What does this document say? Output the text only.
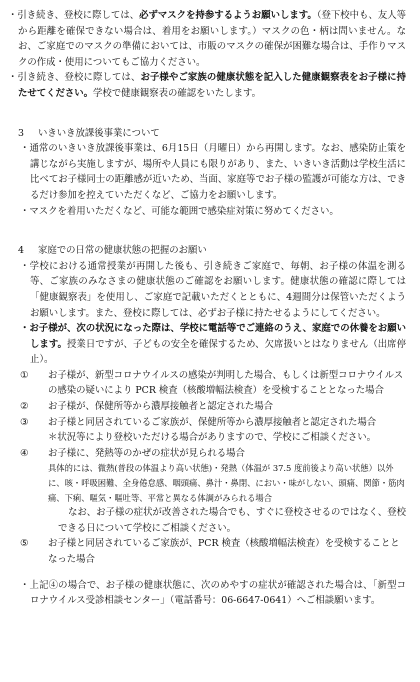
・引き続き、登校に際しては、必ずマスクを持参するようお願いします。（登下校中も、友人等から距離を確保できない場合は、着用をお願いします。）マスクの色・柄は問いません。なお、ご家庭でのマスクの準備においては、市販のマスクの確保が困難な場合は、手作りマスクの作成・使用についてもご協力ください。
・引き続き、登校に際しては、お子様やご家族の健康状態を記入した健康観察表をお子様に持たせてください。学校で健康観察表の確認をいたします。
3 いきいき放課後事業について
・通常のいきいき放課後事業は、6月15日（月曜日）から再開します。なお、感染防止策を講じながら実施しますが、場所や人員にも限りがあり、また、いきいき活動は学校生活に比べてお子様同士の距離感が近いため、当面、家庭等でお子様の監護が可能な方は、できるだけ参加を控えていただくなど、ご協力をお願いします。
・マスクを着用いただくなど、可能な範囲で感染症対策に努めてください。
4 家庭での日常の健康状態の把握のお願い
・学校における通常授業が再開した後も、引き続きご家庭で、毎朝、お子様の体温を測る等、ご家族のみなさまの健康状態のご確認をお願いします。健康状態の確認に際しては「健康観察表」を使用し、ご家庭で記載いただくとともに、4週間分は保管いただくようお願いします。また、登校に際しては、必ずお子様に持たせるようにしてください。
・お子様が、次の状況になった際は、学校に電話等でご連絡のうえ、家庭での休養をお願いします。授業日ですが、子どもの安全を確保するため、欠席扱いとはなりません（出席停止）。
① お子様が、新型コロナウイルスの感染が判明した場合、もしくは新型コロナウイルスの感染の疑いにより PCR 検査（核酸増幅法検査）を受検することとなった場合
② お子様が、保健所等から濃厚接触者と認定された場合
③ お子様と同居されているご家族が、保健所等から濃厚接触者と認定された場合
＊状況等により登校いただける場合がありますので、学校にご相談ください。
④ お子様に、発熱等のかぜの症状が見られる場合
具体的には、微熱(普段の体温より高い状態)・発熱（体温が 37.5 度前後より高い状態）以外に、咳・呼吸困難、全身倦怠感、咽頭痛、鼻汁・鼻閉、におい・味がしない、頭痛、関節・筋肉痛、下痢、嘔気・嘔吐等、平常と異なる体調がみられる場合
なお、お子様の症状が改善された場合でも、すぐに登校させるのではなく、登校できる日について学校にご相談ください。
⑤ お子様と同居されているご家族が、PCR 検査（核酸増幅法検査）を受検することとなった場合
・上記④の場合で、お子様の健康状態に、次のめやすの症状が確認された場合は、「新型コロナウイルス受診相談センター」（電話番号：06-6647-0641）へご相談願います。
